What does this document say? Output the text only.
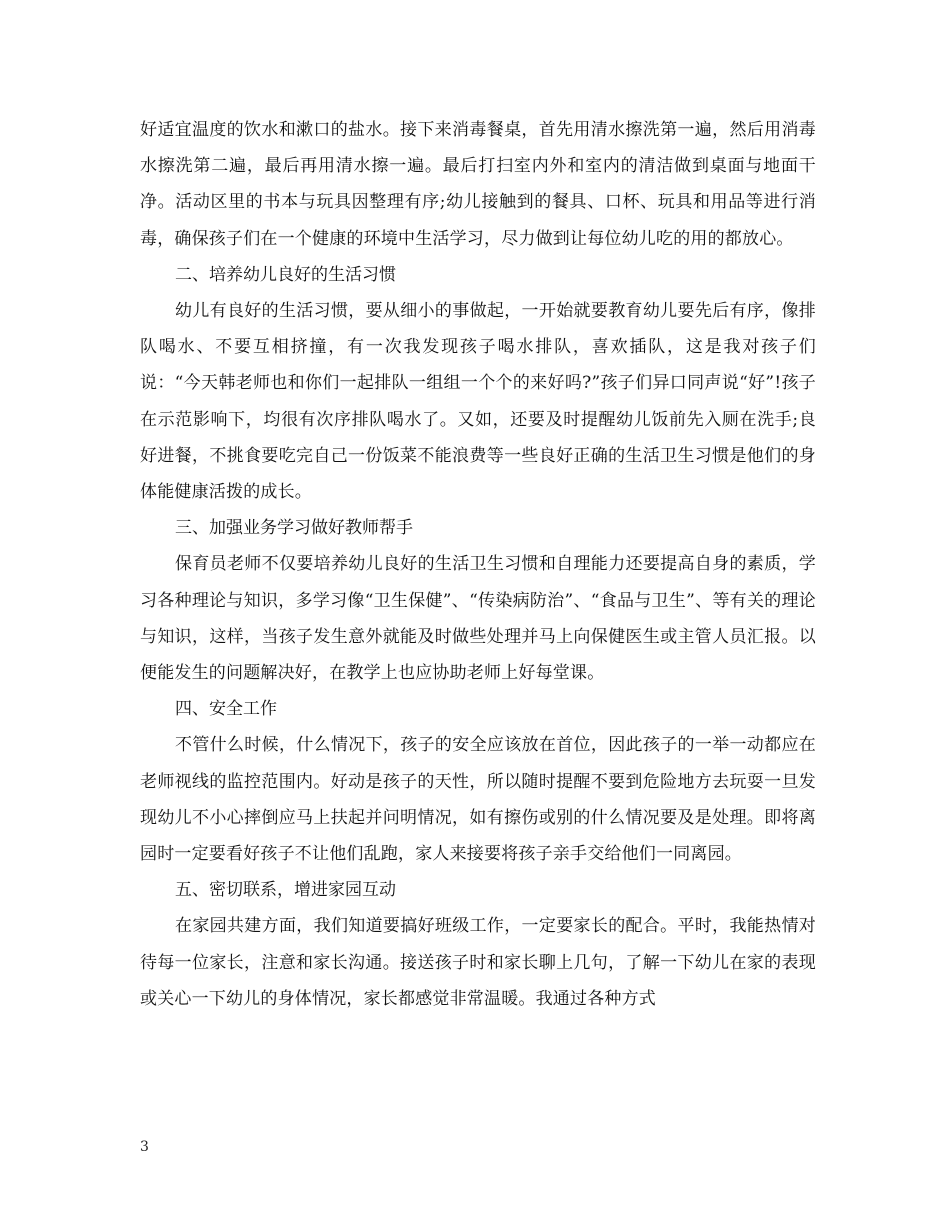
好适宜温度的饮水和漱口的盐水。接下来消毒餐桌，首先用清水擦洗第一遍，然后用消毒水擦洗第二遍，最后再用清水擦一遍。最后打扫室内外和室内的清洁做到桌面与地面干净。活动区里的书本与玩具因整理有序;幼儿接触到的餐具、口杯、玩具和用品等进行消毒，确保孩子们在一个健康的环境中生活学习，尽力做到让每位幼儿吃的用的都放心。

二、培养幼儿良好的生活习惯

幼儿有良好的生活习惯，要从细小的事做起，一开始就要教育幼儿要先后有序，像排队喝水、不要互相挤撞，有一次我发现孩子喝水排队，喜欢插队，这是我对孩子们说：“今天韩老师也和你们一起排队一组组一个个的来好吗?”孩子们异口同声说“好”!孩子在示范影响下，均很有次序排队喝水了。又如，还要及时提醒幼儿饭前先入厕在洗手;良好进餐，不挑食要吃完自己一份饭菜不能浪费等一些良好正确的生活卫生习惯是他们的身体能健康活拨的成长。

三、加强业务学习做好教师帮手

保育员老师不仅要培养幼儿良好的生活卫生习惯和自理能力还要提高自身的素质，学习各种理论与知识，多学习像“卫生保健”、“传染病防治”、“食品与卫生”、等有关的理论与知识，这样，当孩子发生意外就能及时做些处理并马上向保健医生或主管人员汇报。以便能发生的问题解决好，在教学上也应协助老师上好每堂课。

四、安全工作

不管什么时候，什么情况下，孩子的安全应该放在首位，因此孩子的一举一动都应在老师视线的监控范围内。好动是孩子的天性，所以随时提醒不要到危险地方去玩耍一旦发现幼儿不小心摔倒应马上扶起并问明情况，如有擦伤或别的什么情况要及是处理。即将离园时一定要看好孩子不让他们乱跑，家人来接要将孩子亲手交给他们一同离园。

五、密切联系，增进家园互动

在家园共建方面，我们知道要搞好班级工作，一定要家长的配合。平时，我能热情对待每一位家长，注意和家长沟通。接送孩子时和家长聊上几句，了解一下幼儿在家的表现或关心一下幼儿的身体情况，家长都感觉非常温暖。我通过各种方式

3
